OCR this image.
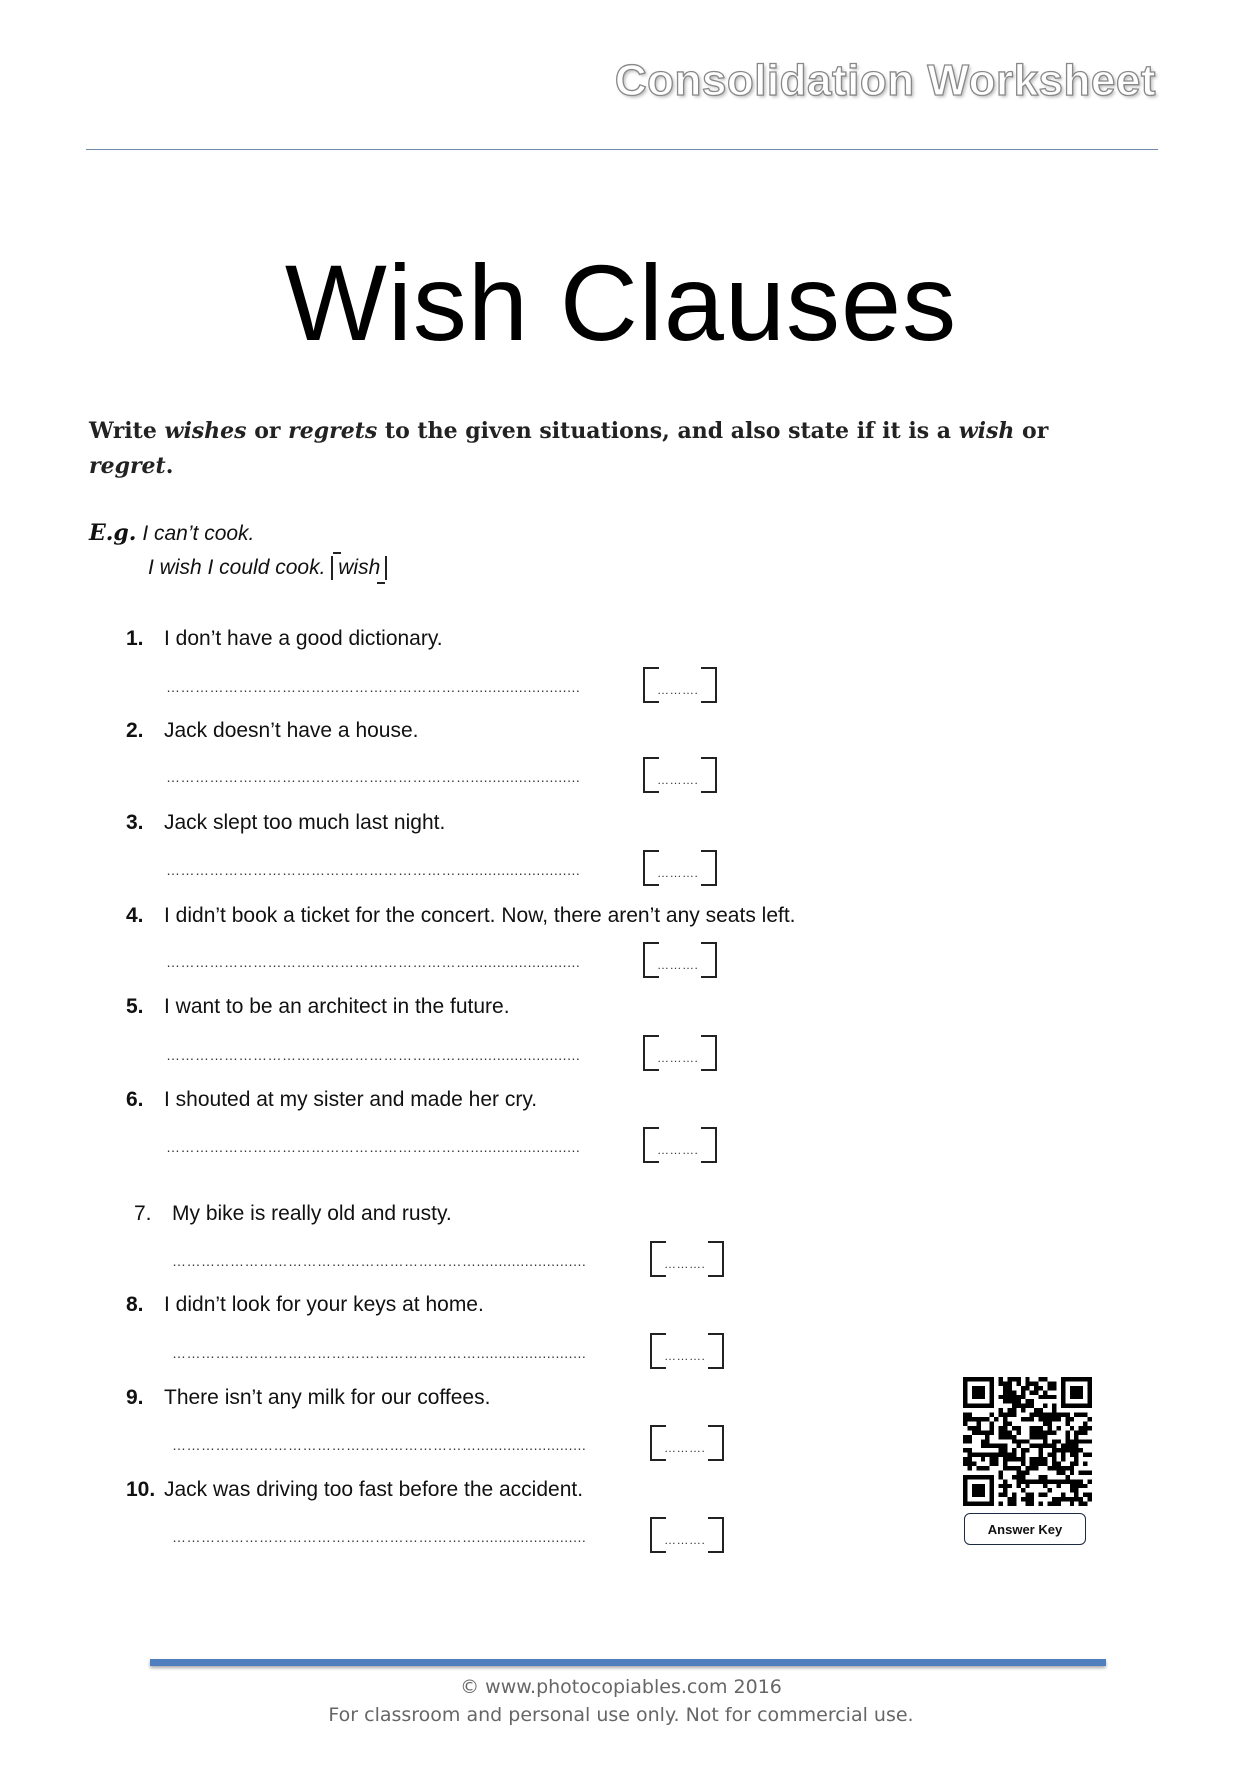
Consolidation Worksheet
Wish Clauses
Write wishes or regrets to the given situations, and also state if it is a wish or regret.
E.g. I can’t cook.
I wish I could cook. wish
1. I don’t have a good dictionary.
……………………………………………………….........................	……….
2. Jack doesn’t have a house.
……………………………………………………….........................	……….
3. Jack slept too much last night.
……………………………………………………….........................	……….
4. I didn’t book a ticket for the concert. Now, there aren’t any seats left.
……………………………………………………….........................	……….
5. I want to be an architect in the future.
……………………………………………………….........................	……….
6. I shouted at my sister and made her cry.
……………………………………………………….........................	……….
7. My bike is really old and rusty.
……………………………………………………….........................	……….
8. I didn’t look for your keys at home.
……………………………………………………….........................	……….
9. There isn’t any milk for our coffees.
……………………………………………………….........................	……….
10. Jack was driving too fast before the accident.
……………………………………………………….........................	……….
Answer Key
© www.photocopiables.com 2016
For classroom and personal use only. Not for commercial use.
